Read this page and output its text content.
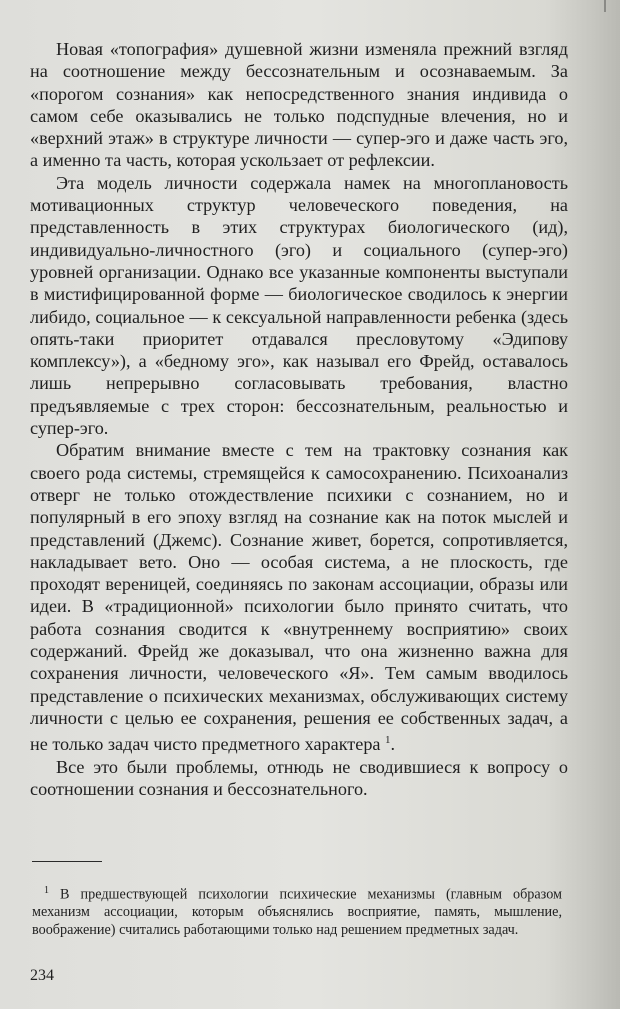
Новая «топография» душевной жизни изменяла прежний взгляд на соотношение между бессознательным и осознаваемым. За «порогом сознания» как непосредственного знания индивида о самом себе оказывались не только подспудные влечения, но и «верхний этаж» в структуре личности — супер-эго и даже часть эго, а именно та часть, которая ускользает от рефлексии.

Эта модель личности содержала намек на многоплановость мотивационных структур человеческого поведения, на представленность в этих структурах биологического (ид), индивидуально-личностного (эго) и социального (супер-эго) уровней организации. Однако все указанные компоненты выступали в мистифицированной форме — биологическое сводилось к энергии либидо, социальное — к сексуальной направленности ребенка (здесь опять-таки приоритет отдавался пресловутому «Эдипову комплексу»), а «бедному эго», как называл его Фрейд, оставалось лишь непрерывно согласовывать требования, властно предъявляемые с трех сторон: бессознательным, реальностью и супер-эго.

Обратим внимание вместе с тем на трактовку сознания как своего рода системы, стремящейся к самосохранению. Психоанализ отверг не только отождествление психики с сознанием, но и популярный в его эпоху взгляд на сознание как на поток мыслей и представлений (Джемс). Сознание живет, борется, сопротивляется, накладывает вето. Оно — особая система, а не плоскость, где проходят вереницей, соединяясь по законам ассоциации, образы или идеи. В «традиционной» психологии было принято считать, что работа сознания сводится к «внутреннему восприятию» своих содержаний. Фрейд же доказывал, что она жизненно важна для сохранения личности, человеческого «Я». Тем самым вводилось представление о психических механизмах, обслуживающих систему личности с целью ее сохранения, решения ее собственных задач, а не только задач чисто предметного характера $^1$.

Все это были проблемы, отнюдь не сводившиеся к вопросу о соотношении сознания и бессознательного.

$^1$ В предшествующей психологии психические механизмы (главным образом механизм ассоциации, которым объяснялись восприятие, память, мышление, воображение) считались работающими только над решением предметных задач.
234
